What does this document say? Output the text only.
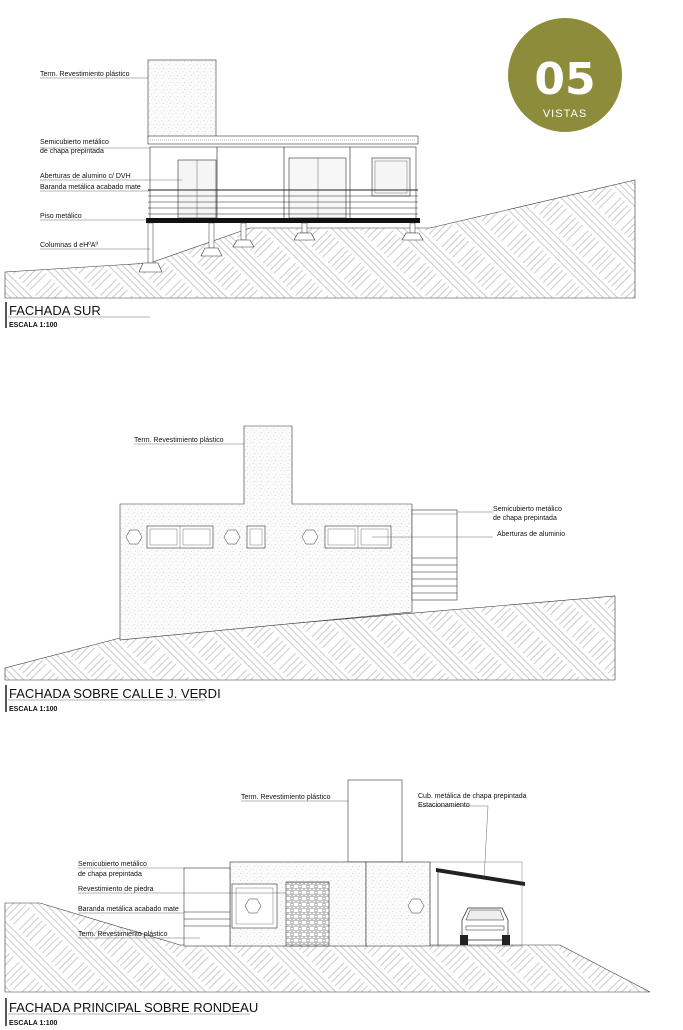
05
VISTAS
Term. Revestimiento plástico
Semicubierto metálico
de chapa prepintada
Aberturas de alumino c/ DVH
Baranda metálica acabado mate
Piso metálico
Columnas d eHºAº
FACHADA SUR
ESCALA 1:100
Term. Revestimiento plástico
Semicubierto metálico
de chapa prepintada
Aberturas de aluminio
FACHADA SOBRE CALLE J. VERDI
ESCALA 1:100
Term. Revestimiento plástico	Cub. metálica de chapa prepintada
Estacionamiento
Semicubierto metálico
de chapa prepintada
Revestimiento de piedra
Baranda metálica acabado mate
Term. Revestimiento plástico
FACHADA PRINCIPAL SOBRE RONDEAU
ESCALA 1:100
